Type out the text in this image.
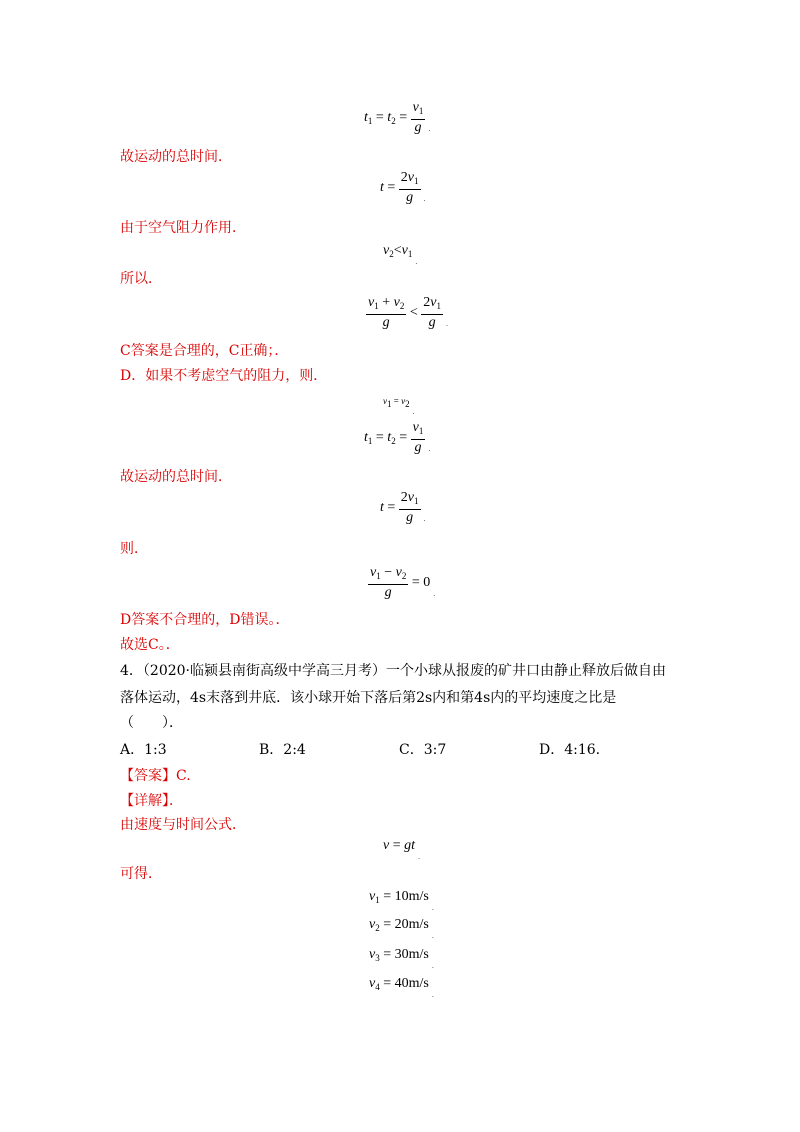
$t_1 = t_2 = \frac{v_1}{g} _.$
故运动的总时间．
$t = \frac{2v_1}{g} _.$
由于空气阻力作用．
$v_2<v_{1.}$
所以．
$\frac{v_1 + v_2}{g} < \frac{2v_1}{g} _.$
C答案是合理的，C正确；．
D．如果不考虑空气的阻力，则．
v1 = v2.
$t_1 = t_2 = \frac{v_1}{g} _.$
故运动的总时间．
$t = \frac{2v_1}{g} _.$
则．
$\frac{v_1 - v_2}{g} = 0_.$
D答案不合理的，D错误。．
故选C。．
4．（2020·临颍县南街高级中学高三月考）一个小球从报废的矿井口由静止释放后做自由
落体运动，4s末落到井底．该小球开始下落后第2s内和第4s内的平均速度之比是
（　　）．
A．1:3	B．2:4	C．3:7	D．4:16.
【答案】C.
【详解】．
由速度与时间公式．
$v = gt_.$
可得．
$v_1 = 10m/s_.$
$v_2 = 20m/s_.$
$v_3 = 30m/s_.$
$v_4 = 40m/s_.$
